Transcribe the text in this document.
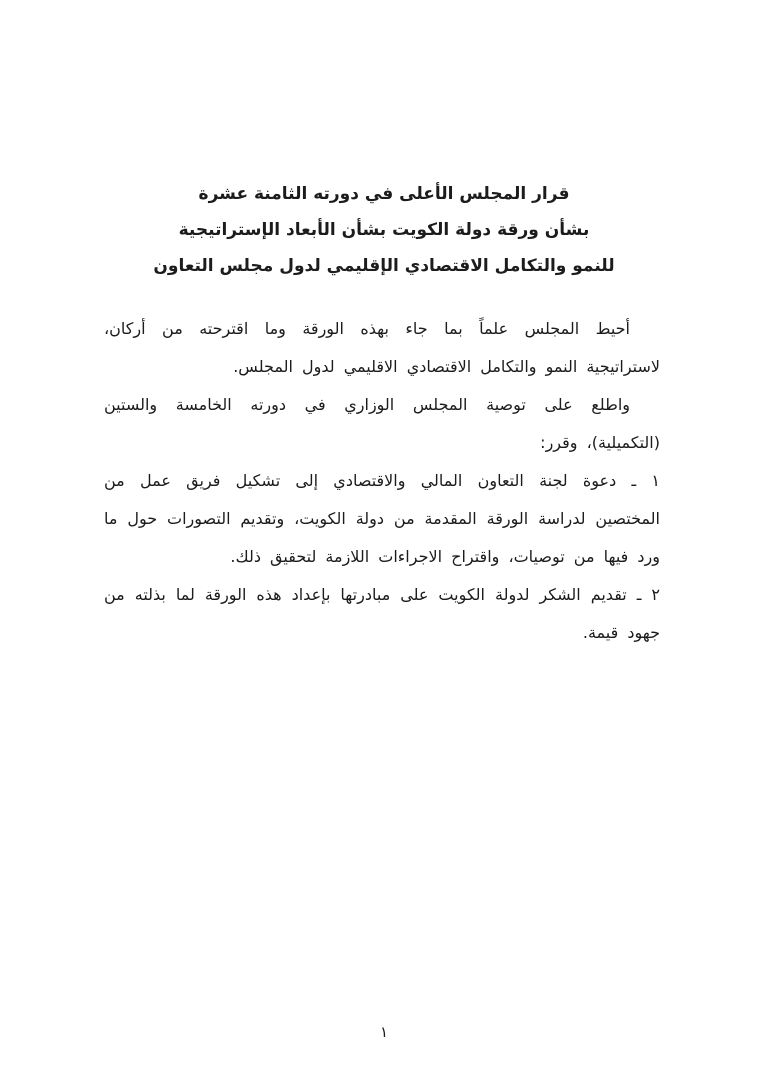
قرار المجلس الأعلى في دورته الثامنة عشرة
بشأن ورقة دولة الكويت بشأن الأبعاد الإستراتيجية
للنمو والتكامل الاقتصادي الإقليمي لدول مجلس التعاون

أحيط المجلس علماً بما جاء بهذه الورقة وما اقترحته من أركان، لاستراتيجية النمو والتكامل الاقتصادي الاقليمي لدول المجلس.

واطلع على توصية المجلس الوزاري في دورته الخامسة والستين (التكميلية)، وقرر:

١ ـ دعوة لجنة التعاون المالي والاقتصادي إلى تشكيل فريق عمل من المختصين لدراسة الورقة المقدمة من دولة الكويت، وتقديم التصورات حول ما ورد فيها من توصيات، واقتراح الاجراءات اللازمة لتحقيق ذلك.

٢ ـ تقديم الشكر لدولة الكويت على مبادرتها بإعداد هذه الورقة لما بذلته من جهود قيمة.

١
